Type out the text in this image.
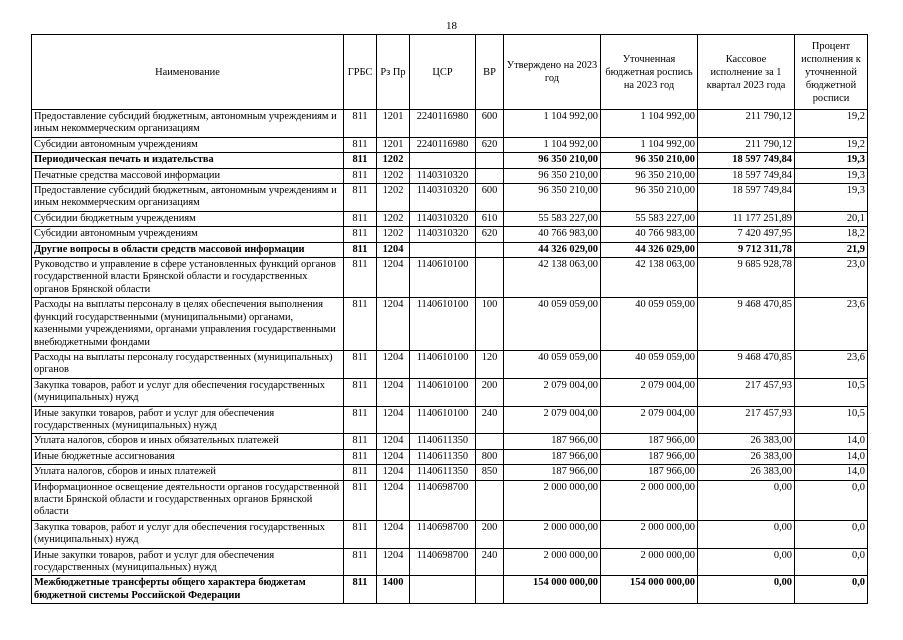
18
Наименование	ГРБС	Рз Пр	ЦСР	ВР	Утверждено на 2023 год	Уточненная бюджетная роспись на 2023 год	Кассовое исполнение за 1 квартал 2023 года	Процент исполнения к уточненной бюджетной росписи
Предоставление субсидий бюджетным, автономным учреждениям и иным некоммерческим организациям	811	1201	2240116980	600	1 104 992,00	1 104 992,00	211 790,12	19,2
Субсидии автономным учреждениям	811	1201	2240116980	620	1 104 992,00	1 104 992,00	211 790,12	19,2
Периодическая печать и издательства	811	1202			96 350 210,00	96 350 210,00	18 597 749,84	19,3
Печатные средства массовой информации	811	1202	1140310320		96 350 210,00	96 350 210,00	18 597 749,84	19,3
Предоставление субсидий бюджетным, автономным учреждениям и иным некоммерческим организациям	811	1202	1140310320	600	96 350 210,00	96 350 210,00	18 597 749,84	19,3
Субсидии бюджетным учреждениям	811	1202	1140310320	610	55 583 227,00	55 583 227,00	11 177 251,89	20,1
Субсидии автономным учреждениям	811	1202	1140310320	620	40 766 983,00	40 766 983,00	7 420 497,95	18,2
Другие вопросы в области средств массовой информации	811	1204			44 326 029,00	44 326 029,00	9 712 311,78	21,9
Руководство и управление в сфере установленных функций органов государственной власти Брянской области и государственных органов Брянской области	811	1204	1140610100		42 138 063,00	42 138 063,00	9 685 928,78	23,0
Расходы на выплаты персоналу в целях обеспечения выполнения функций государственными (муниципальными) органами, казенными учреждениями, органами управления государственными внебюджетными фондами	811	1204	1140610100	100	40 059 059,00	40 059 059,00	9 468 470,85	23,6
Расходы на выплаты персоналу государственных (муниципальных) органов	811	1204	1140610100	120	40 059 059,00	40 059 059,00	9 468 470,85	23,6
Закупка товаров, работ и услуг для обеспечения государственных (муниципальных) нужд	811	1204	1140610100	200	2 079 004,00	2 079 004,00	217 457,93	10,5
Иные закупки товаров, работ и услуг для обеспечения государственных (муниципальных) нужд	811	1204	1140610100	240	2 079 004,00	2 079 004,00	217 457,93	10,5
Уплата налогов, сборов и иных обязательных платежей	811	1204	1140611350		187 966,00	187 966,00	26 383,00	14,0
Иные бюджетные ассигнования	811	1204	1140611350	800	187 966,00	187 966,00	26 383,00	14,0
Уплата налогов, сборов и иных платежей	811	1204	1140611350	850	187 966,00	187 966,00	26 383,00	14,0
Информационное освещение деятельности органов государственной власти Брянской области и государственных органов Брянской области	811	1204	1140698700		2 000 000,00	2 000 000,00	0,00	0,0
Закупка товаров, работ и услуг для обеспечения государственных (муниципальных) нужд	811	1204	1140698700	200	2 000 000,00	2 000 000,00	0,00	0,0
Иные закупки товаров, работ и услуг для обеспечения государственных (муниципальных) нужд	811	1204	1140698700	240	2 000 000,00	2 000 000,00	0,00	0,0
Межбюджетные трансферты общего характера бюджетам бюджетной системы Российской Федерации	811	1400			154 000 000,00	154 000 000,00	0,00	0,0
